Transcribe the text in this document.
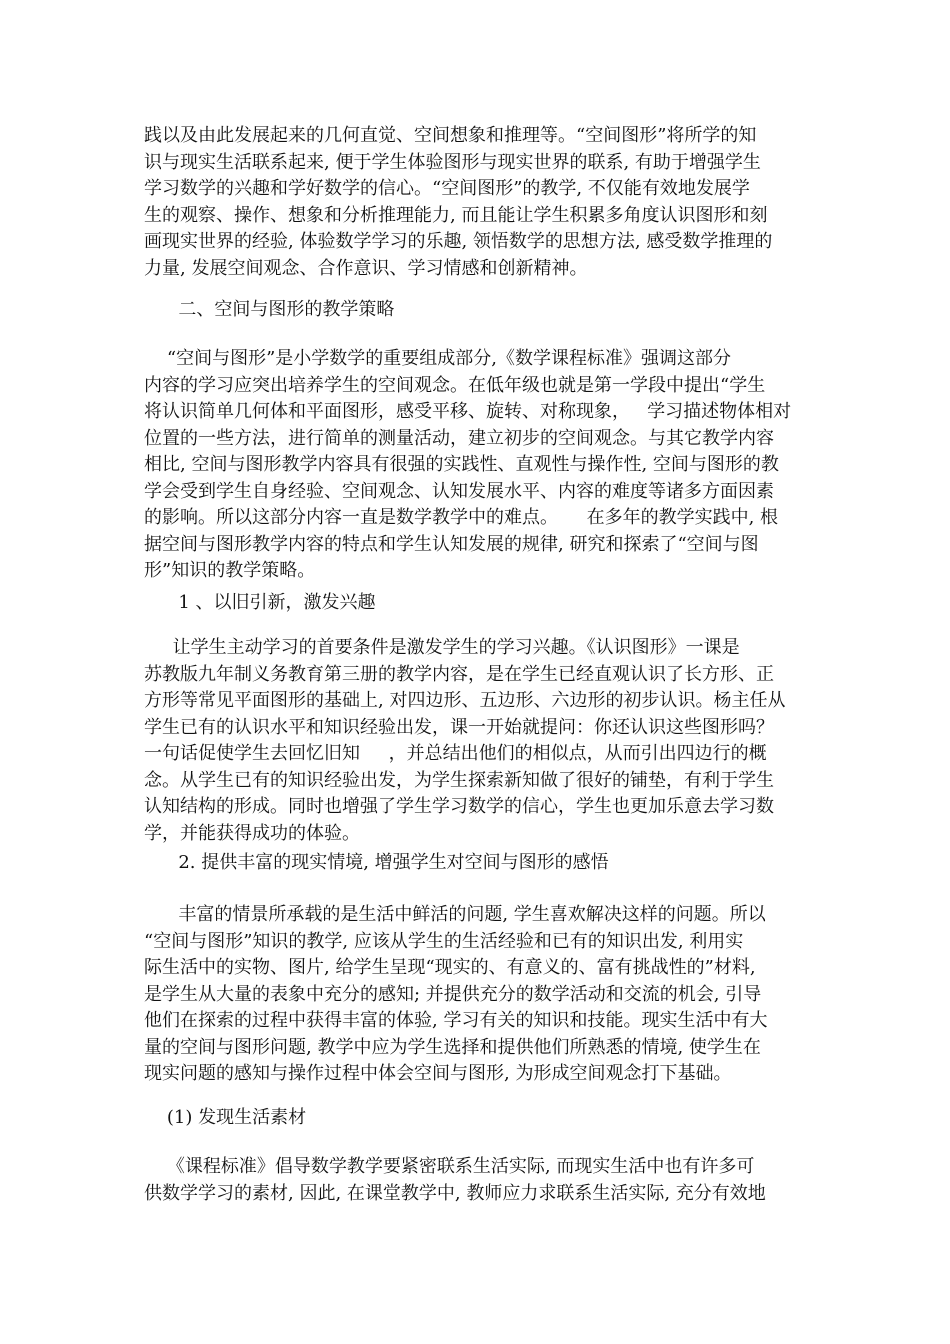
践以及由此发展起来的几何直觉、空间想象和推理等。“空间图形”将所学的知
识与现实生活联系起来, 便于学生体验图形与现实世界的联系, 有助于增强学生
学习数学的兴趣和学好数学的信心。“空间图形”的教学, 不仅能有效地发展学
生的观察、操作、想象和分析推理能力, 而且能让学生积累多角度认识图形和刻
画现实世界的经验, 体验数学学习的乐趣, 领悟数学的思想方法, 感受数学推理的
力量, 发展空间观念、合作意识、学习情感和创新精神。
二、空间与图形的教学策略
“空间与图形”是小学数学的重要组成部分,《数学课程标准》强调这部分
内容的学习应突出培养学生的空间观念。在低年级也就是第一学段中提出“学生
将认识简单几何体和平面图形，感受平移、旋转、对称现象，   学习描述物体相对
位置的一些方法，进行简单的测量活动，建立初步的空间观念。与其它教学内容
相比, 空间与图形教学内容具有很强的实践性、直观性与操作性, 空间与图形的教
学会受到学生自身经验、空间观念、认知发展水平、内容的难度等诸多方面因素
的影响。所以这部分内容一直是数学教学中的难点。     在多年的教学实践中, 根
据空间与图形教学内容的特点和学生认知发展的规律, 研究和探索了“空间与图
形”知识的教学策略。
1 、以旧引新，激发兴趣
让学生主动学习的首要条件是激发学生的学习兴趣。《认识图形》一课是
苏教版九年制义务教育第三册的教学内容，是在学生已经直观认识了长方形、正
方形等常见平面图形的基础上, 对四边形、五边形、六边形的初步认识。杨主任从
学生已有的认识水平和知识经验出发，课一开始就提问：你还认识这些图形吗？
一句话促使学生去回忆旧知     ，并总结出他们的相似点，从而引出四边行的概
念。从学生已有的知识经验出发，为学生探索新知做了很好的铺垫，有利于学生
认知结构的形成。同时也增强了学生学习数学的信心，学生也更加乐意去学习数
学，并能获得成功的体验。
2. 提供丰富的现实情境, 增强学生对空间与图形的感悟
丰富的情景所承载的是生活中鲜活的问题, 学生喜欢解决这样的问题。所以
“空间与图形”知识的教学, 应该从学生的生活经验和已有的知识出发, 利用实
际生活中的实物、图片, 给学生呈现“现实的、有意义的、富有挑战性的”材料,
是学生从大量的表象中充分的感知; 并提供充分的数学活动和交流的机会, 引导
他们在探索的过程中获得丰富的体验, 学习有关的知识和技能。现实生活中有大
量的空间与图形问题, 教学中应为学生选择和提供他们所熟悉的情境, 使学生在
现实问题的感知与操作过程中体会空间与图形, 为形成空间观念打下基础。
(1) 发现生活素材
《课程标准》倡导数学教学要紧密联系生活实际, 而现实生活中也有许多可
供数学学习的素材, 因此, 在课堂教学中, 教师应力求联系生活实际, 充分有效地
